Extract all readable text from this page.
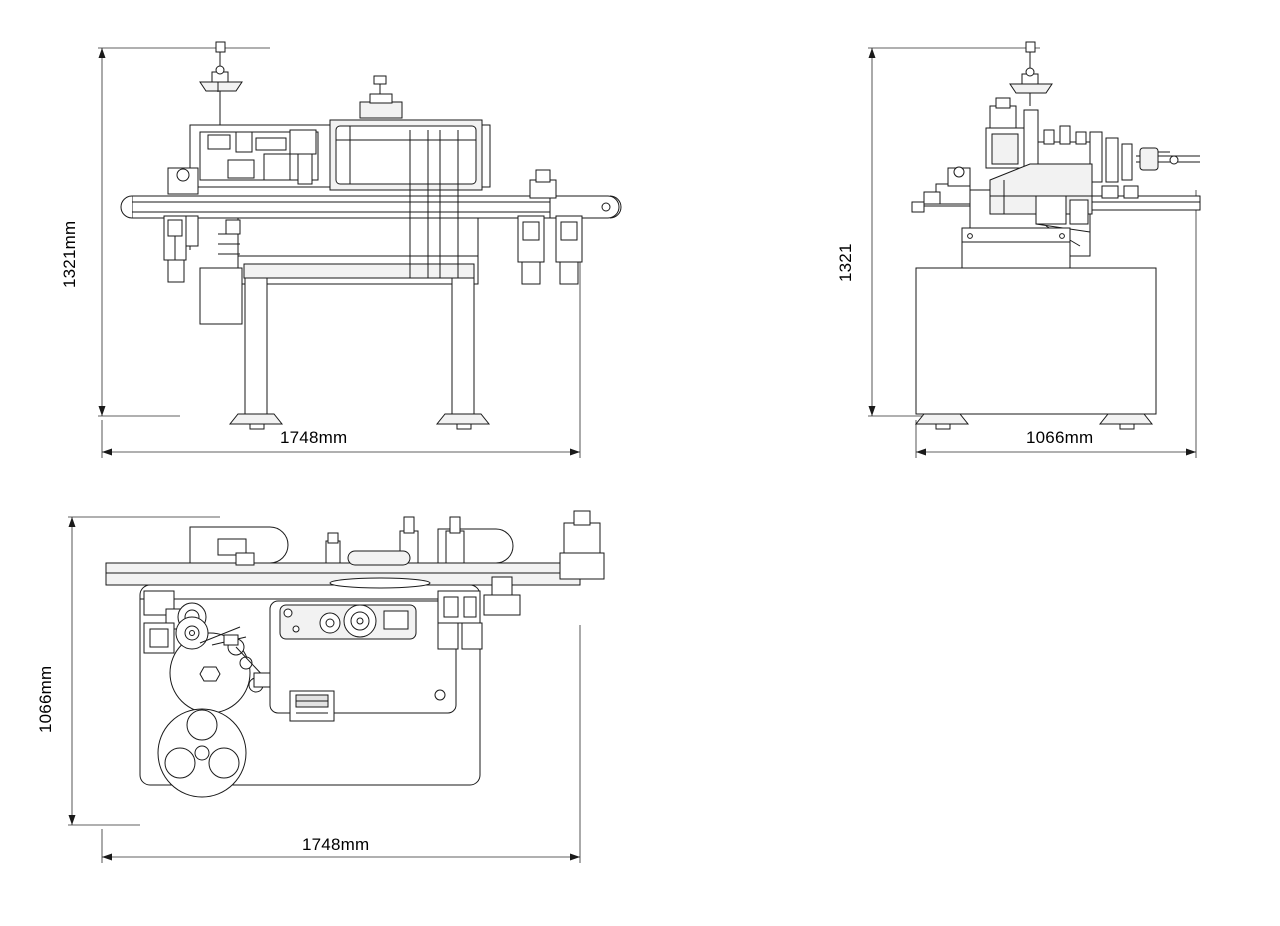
1321mm
1748mm
1321
1066mm
1066mm
1748mm
